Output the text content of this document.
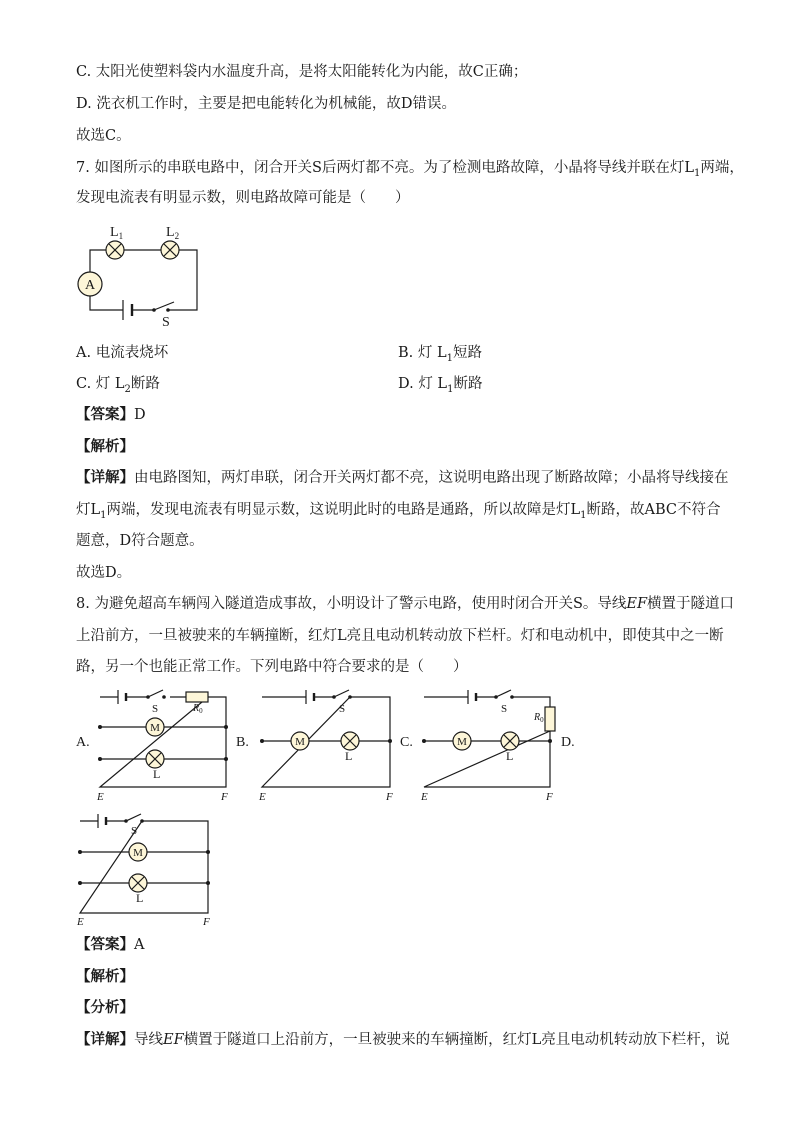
C. 太阳光使塑料袋内水温度升高，是将太阳能转化为内能，故C正确；
D. 洗衣机工作时，主要是把电能转化为机械能，故D错误。
故选C。
7. 如图所示的串联电路中，闭合开关S后两灯都不亮。为了检测电路故障，小晶将导线并联在灯$L_1$两端，
发现电流表有明显示数，则电路故障可能是（　　）
A
$L_1$	$L_2$
S
A. 电流表烧坏	B. 灯 $L_1$短路
C. 灯 $L_2$断路	D. 灯 $L_1$断路
【答案】D
【解析】
【详解】由电路图知，两灯串联，闭合开关两灯都不亮，这说明电路出现了断路故障；小晶将导线接在
灯$L_1$两端，发现电流表有明显示数，这说明此时的电路是通路，所以故障是灯$L_1$断路，故ABC不符合
题意，D符合题意。
故选D。
8. 为避免超高车辆闯入隧道造成事故，小明设计了警示电路，使用时闭合开关S。导线EF横置于隧道口
上沿前方，一旦被驶来的车辆撞断，红灯L亮且电动机转动放下栏杆。灯和电动机中，即使其中之一断
路，另一个也能正常工作。下列电路中符合要求的是（　　）
A.	B.	C.	D.
S
M
L
E	F
S
M
L
E	F
S
M
L
E	F
S
M
L
E	F
$R_0$
$R_0$
【答案】A
【解析】
【分析】
【详解】导线EF横置于隧道口上沿前方，一旦被驶来的车辆撞断，红灯L亮且电动机转动放下栏杆，说
